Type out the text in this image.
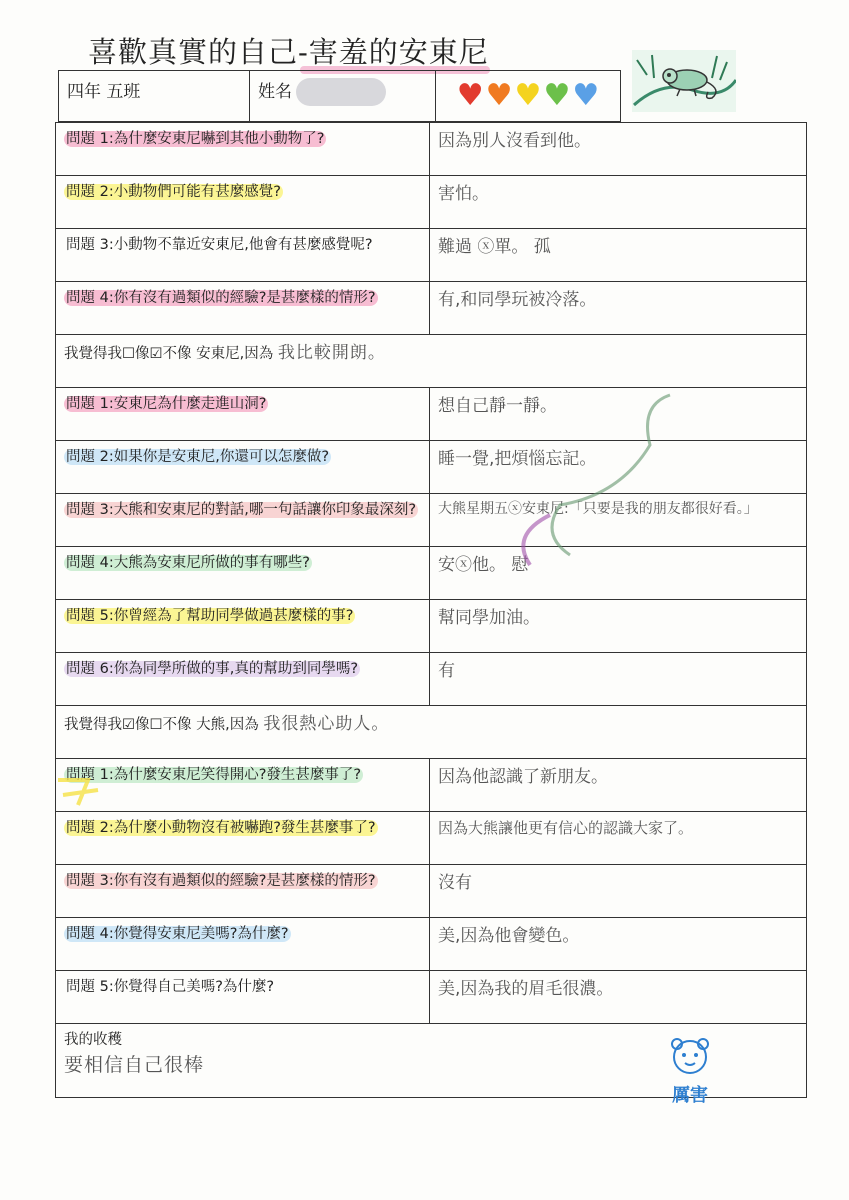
喜歡真實的自己-害羞的安東尼
四年 五班	姓名	♥ ♥ ♥ ♥ ♥
問題 1:為什麼安東尼嚇到其他小動物了?	因為別人沒看到他。
問題 2:小動物們可能有甚麼感覺?	害怕。
問題 3:小動物不靠近安東尼,他會有甚麼感覺呢?	難過 ⓧ單。 孤
問題 4:你有沒有過類似的經驗?是甚麼樣的情形?	有,和同學玩被冷落。
我覺得我☐像☑不像 安東尼,因為 我比較開朗。	
問題 1:安東尼為什麼走進山洞?	想自己靜一靜。
問題 2:如果你是安東尼,你還可以怎麼做?	睡一覺,把煩惱忘記。
問題 3:大熊和安東尼的對話,哪一句話讓你印象最深刻?	大熊星期五ⓧ安東尼:「只要是我的朋友都很好看。」
問題 4:大熊為安東尼所做的事有哪些?	安ⓧ他。 慰
問題 5:你曾經為了幫助同學做過甚麼樣的事?	幫同學加油。
問題 6:你為同學所做的事,真的幫助到同學嗎?	有
我覺得我☑像☐不像 大熊,因為 我很熱心助人。	
問題 1:為什麼安東尼笑得開心?發生甚麼事了?	因為他認識了新朋友。
問題 2:為什麼小動物沒有被嚇跑?發生甚麼事了?	因為大熊讓他更有信心的認識大家了。
問題 3:你有沒有過類似的經驗?是甚麼樣的情形?	沒有
問題 4:你覺得安東尼美嗎?為什麼?	美,因為他會變色。
問題 5:你覺得自己美嗎?為什麼?	美,因為我的眉毛很濃。

我的收穫
要相信自己很棒	
厲害
